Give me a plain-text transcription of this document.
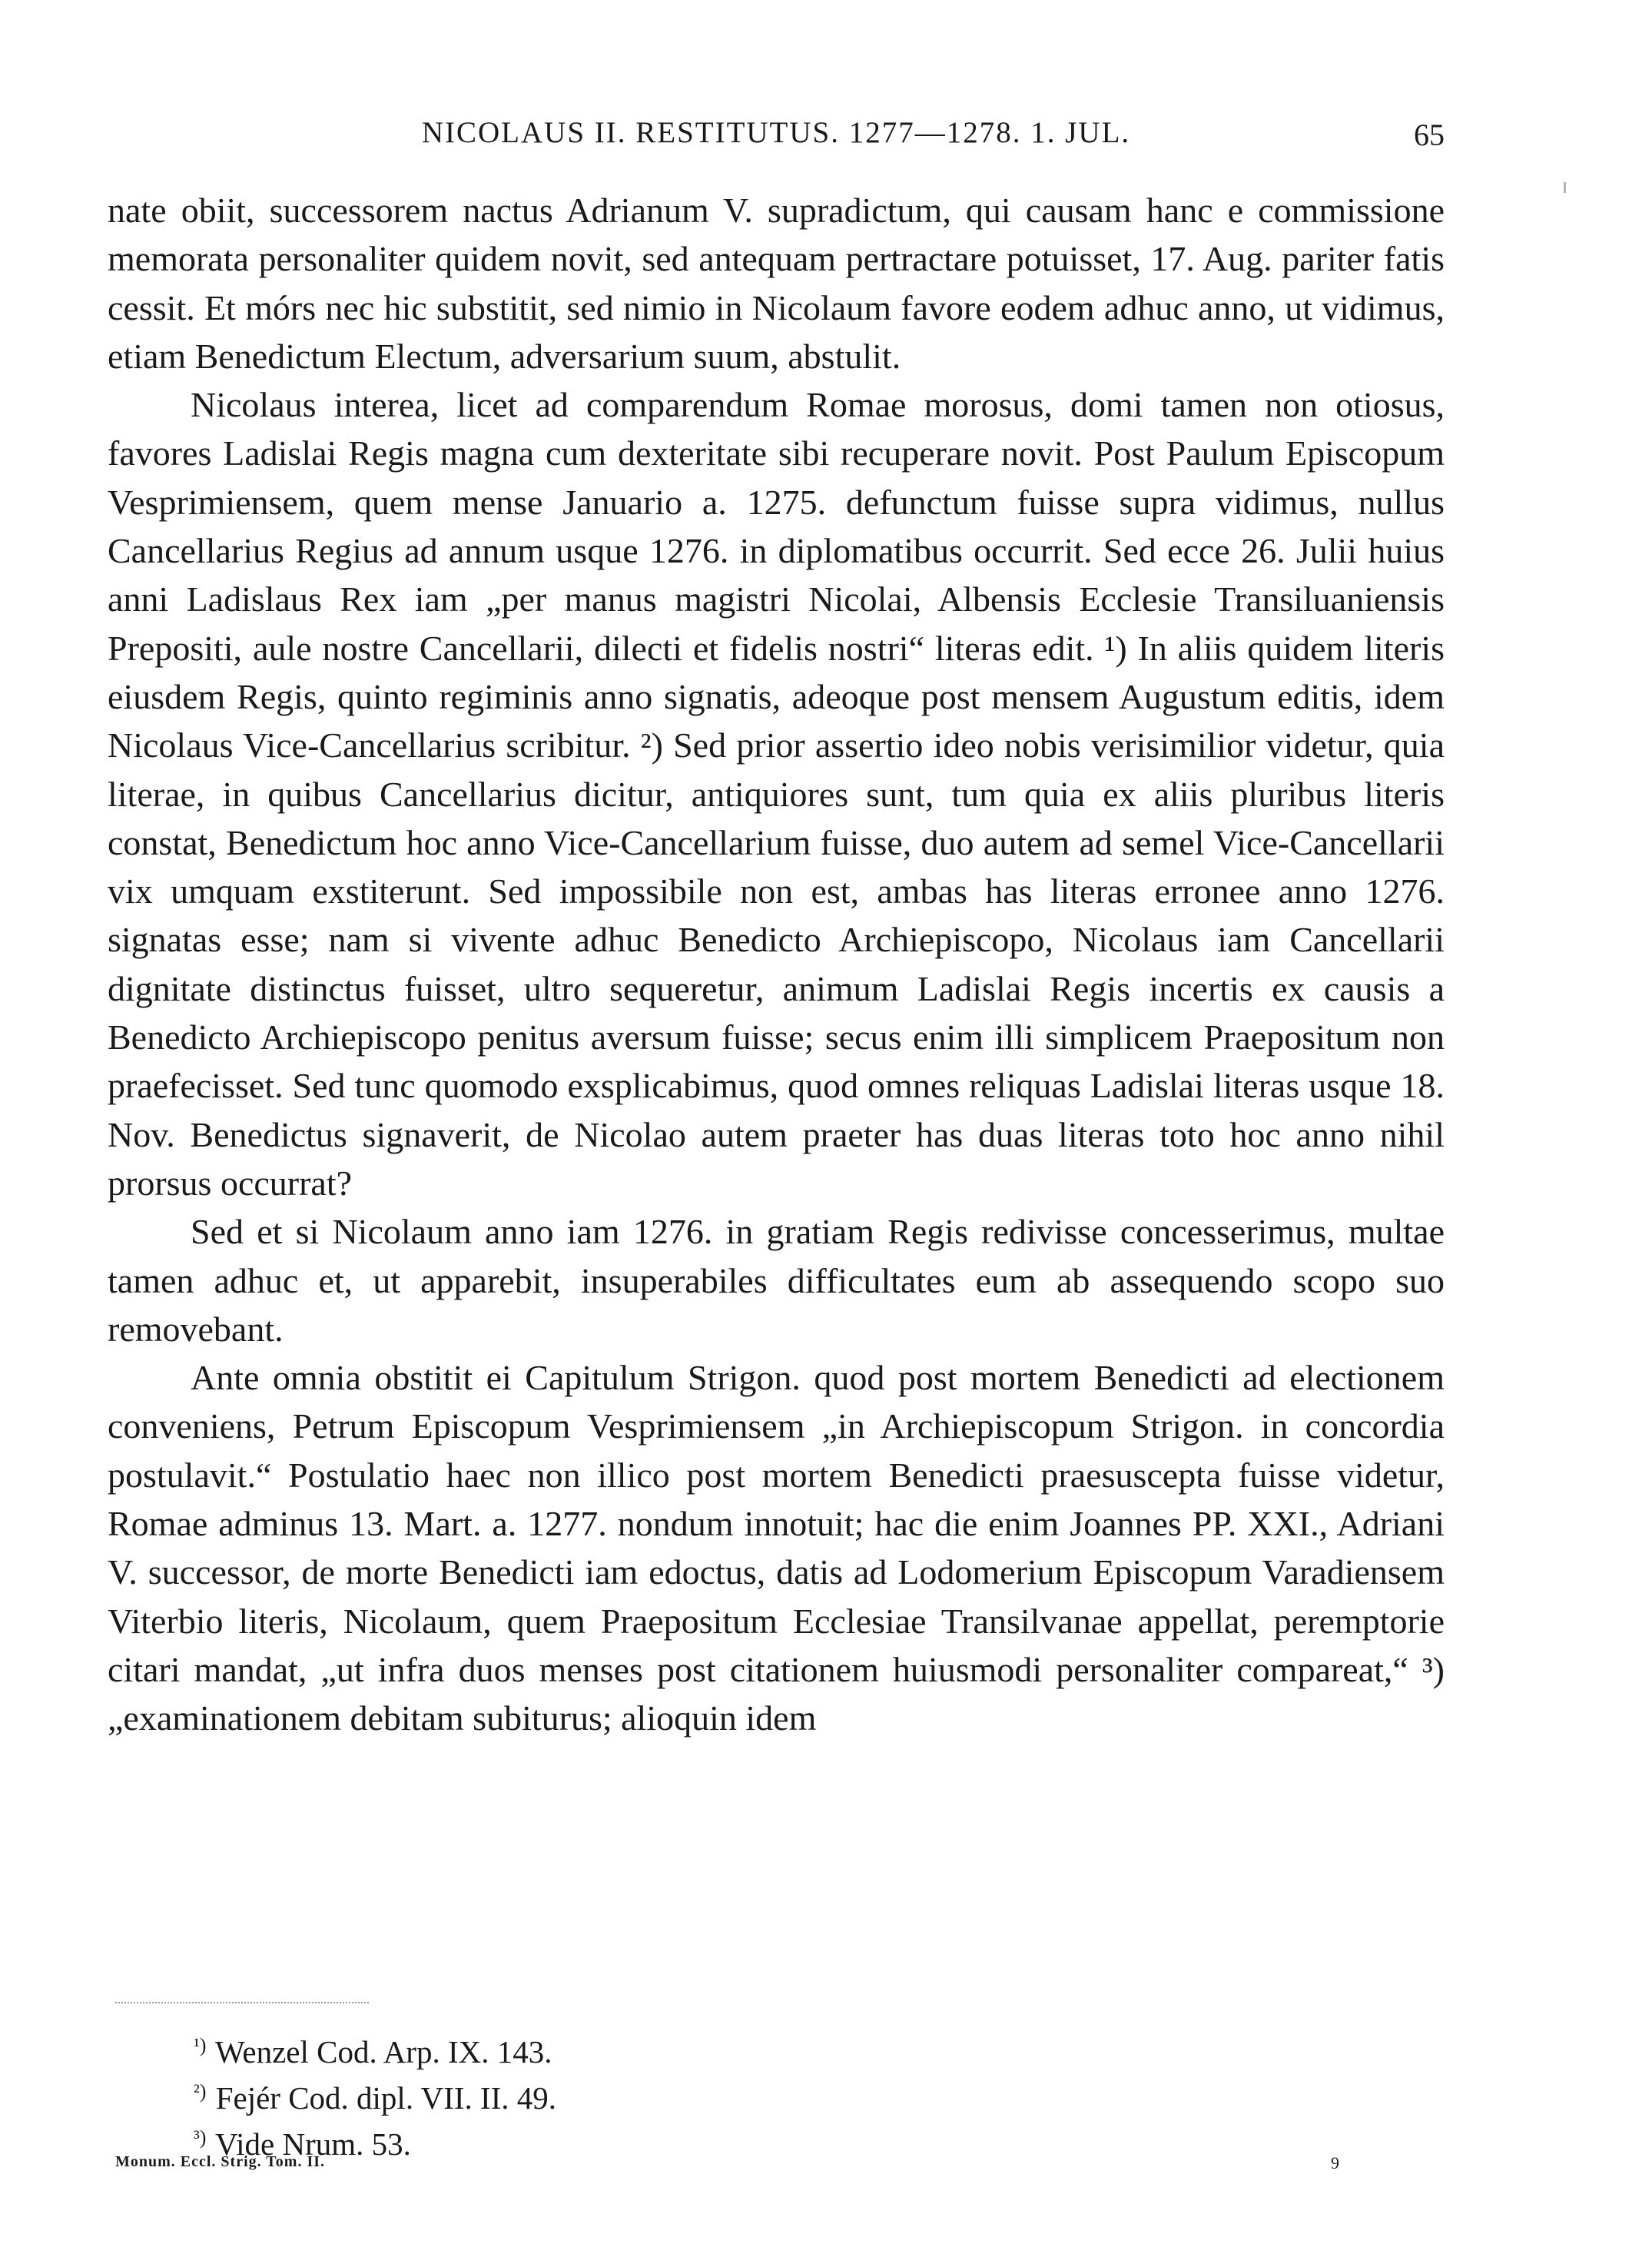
NICOLAUS II. RESTITUTUS. 1277—1278. 1. JUL.	65

nate obiit, successorem nactus Adrianum V. supradictum, qui causam hanc e commissione memorata personaliter quidem novit, sed antequam pertractare potuisset, 17. Aug. pariter fatis cessit. Et mórs nec hic substitit, sed nimio in Nicolaum favore eodem adhuc anno, ut vidimus, etiam Benedictum Electum, adversarium suum, abstulit.

Nicolaus interea, licet ad comparendum Romae morosus, domi tamen non otiosus, favores Ladislai Regis magna cum dexteritate sibi recuperare novit. Post Paulum Episcopum Vesprimiensem, quem mense Januario a. 1275. defunctum fuisse supra vidimus, nullus Cancellarius Regius ad annum usque 1276. in diplomatibus occurrit. Sed ecce 26. Julii huius anni Ladislaus Rex iam „per manus magistri Nicolai, Albensis Ecclesie Transiluaniensis Prepositi, aule nostre Cancellarii, dilecti et fidelis nostri“ literas edit. ¹) In aliis quidem literis eiusdem Regis, quinto regiminis anno signatis, adeoque post mensem Augustum editis, idem Nicolaus Vice-Cancellarius scribitur. ²) Sed prior assertio ideo nobis verisimilior videtur, quia literae, in quibus Cancellarius dicitur, antiquiores sunt, tum quia ex aliis pluribus literis constat, Benedictum hoc anno Vice-Cancellarium fuisse, duo autem ad semel Vice-Cancellarii vix umquam exstiterunt. Sed impossibile non est, ambas has literas erronee anno 1276. signatas esse; nam si vivente adhuc Benedicto Archiepiscopo, Nicolaus iam Cancellarii dignitate distinctus fuisset, ultro sequeretur, animum Ladislai Regis incertis ex causis a Benedicto Archiepiscopo penitus aversum fuisse; secus enim illi simplicem Praepositum non praefecisset. Sed tunc quomodo exsplicabimus, quod omnes reliquas Ladislai literas usque 18. Nov. Benedictus signaverit, de Nicolao autem praeter has duas literas toto hoc anno nihil prorsus occurrat?

Sed et si Nicolaum anno iam 1276. in gratiam Regis redivisse concesserimus, multae tamen adhuc et, ut apparebit, insuperabiles difficultates eum ab assequendo scopo suo removebant.

Ante omnia obstitit ei Capitulum Strigon. quod post mortem Benedicti ad electionem conveniens, Petrum Episcopum Vesprimiensem „in Archiepiscopum Strigon. in concordia postulavit.“ Postulatio haec non illico post mortem Benedicti praesuscepta fuisse videtur, Romae adminus 13. Mart. a. 1277. nondum innotuit; hac die enim Joannes PP. XXI., Adriani V. successor, de morte Benedicti iam edoctus, datis ad Lodomerium Episcopum Varadiensem Viterbio literis, Nicolaum, quem Praepositum Ecclesiae Transilvanae appellat, peremptorie citari mandat, „ut infra duos menses post citationem huiusmodi personaliter compareat,“ ³) „examinationem debitam subiturus; alioquin idem

$^{^1)}$ Wenzel Cod. Arp. IX. 143.
$^{^2)}$ Fejér Cod. dipl. VII. II. 49.
$^{^3)}$ Vide Nrum. 53.
Monum. Eccl. Strig. Tom. II.	9
